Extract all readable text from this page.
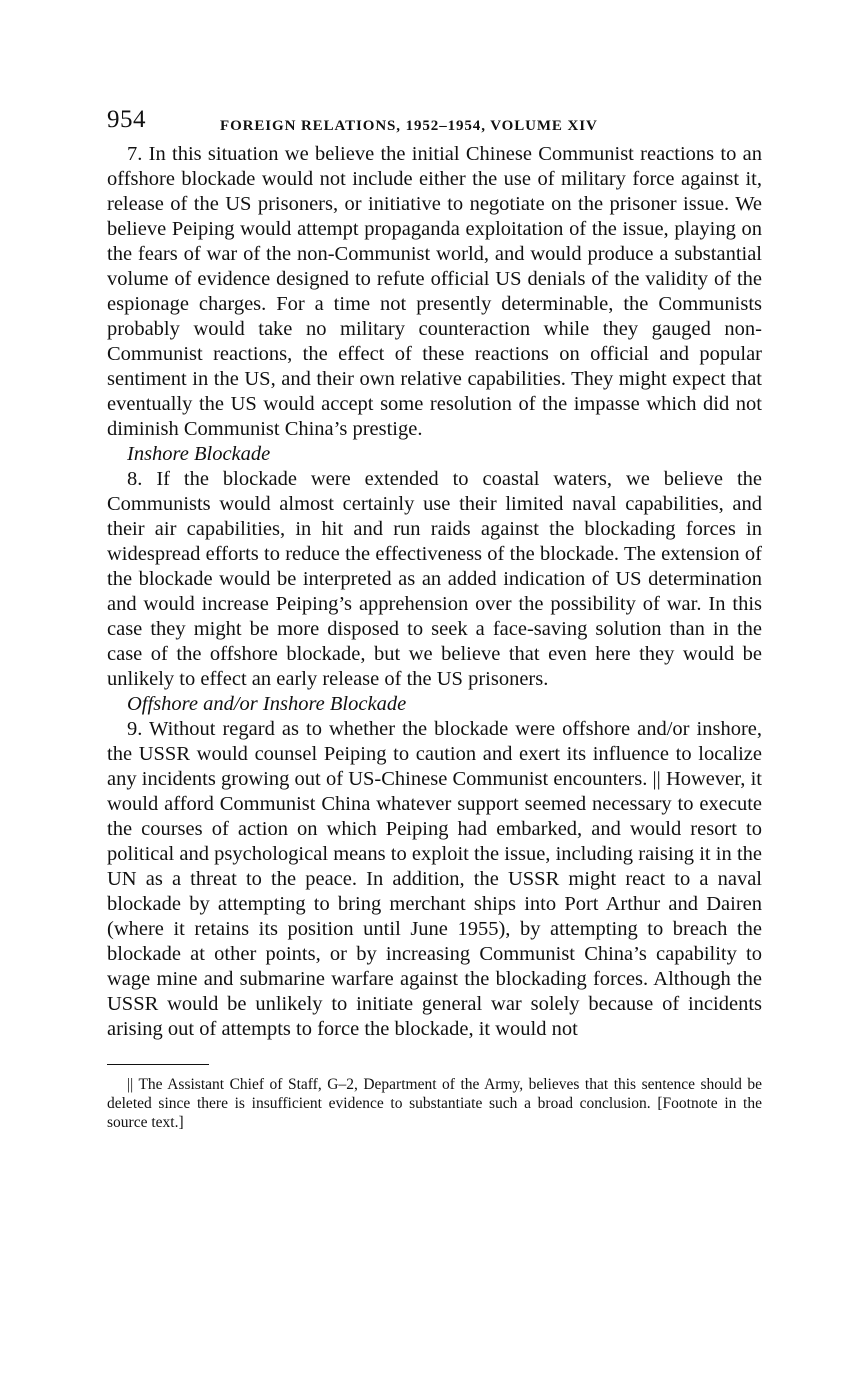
954	FOREIGN RELATIONS, 1952–1954, VOLUME XIV

7. In this situation we believe the initial Chinese Communist reactions to an offshore blockade would not include either the use of military force against it, release of the US prisoners, or initiative to negotiate on the prisoner issue. We believe Peiping would attempt propaganda exploitation of the issue, playing on the fears of war of the non-Communist world, and would produce a substantial volume of evidence designed to refute official US denials of the validity of the espionage charges. For a time not presently determinable, the Communists probably would take no military counteraction while they gauged non-Communist reactions, the effect of these reactions on official and popular sentiment in the US, and their own relative capabilities. They might expect that eventually the US would accept some resolution of the impasse which did not diminish Communist China’s prestige.

Inshore Blockade

8. If the blockade were extended to coastal waters, we believe the Communists would almost certainly use their limited naval capabilities, and their air capabilities, in hit and run raids against the blockading forces in widespread efforts to reduce the effectiveness of the blockade. The extension of the blockade would be interpreted as an added indication of US determination and would increase Peiping’s apprehension over the possibility of war. In this case they might be more disposed to seek a face-saving solution than in the case of the offshore blockade, but we believe that even here they would be unlikely to effect an early release of the US prisoners.

Offshore and/or Inshore Blockade

9. Without regard as to whether the blockade were offshore and/or inshore, the USSR would counsel Peiping to caution and exert its influence to localize any incidents growing out of US-Chinese Communist encounters. || However, it would afford Communist China whatever support seemed necessary to execute the courses of action on which Peiping had embarked, and would resort to political and psychological means to exploit the issue, including raising it in the UN as a threat to the peace. In addition, the USSR might react to a naval blockade by attempting to bring merchant ships into Port Arthur and Dairen (where it retains its position until June 1955), by attempting to breach the blockade at other points, or by increasing Communist China’s capability to wage mine and submarine warfare against the blockading forces. Although the USSR would be unlikely to initiate general war solely because of incidents arising out of attempts to force the blockade, it would not

|| The Assistant Chief of Staff, G–2, Department of the Army, believes that this sentence should be deleted since there is insufficient evidence to substantiate such a broad conclusion. [Footnote in the source text.]
